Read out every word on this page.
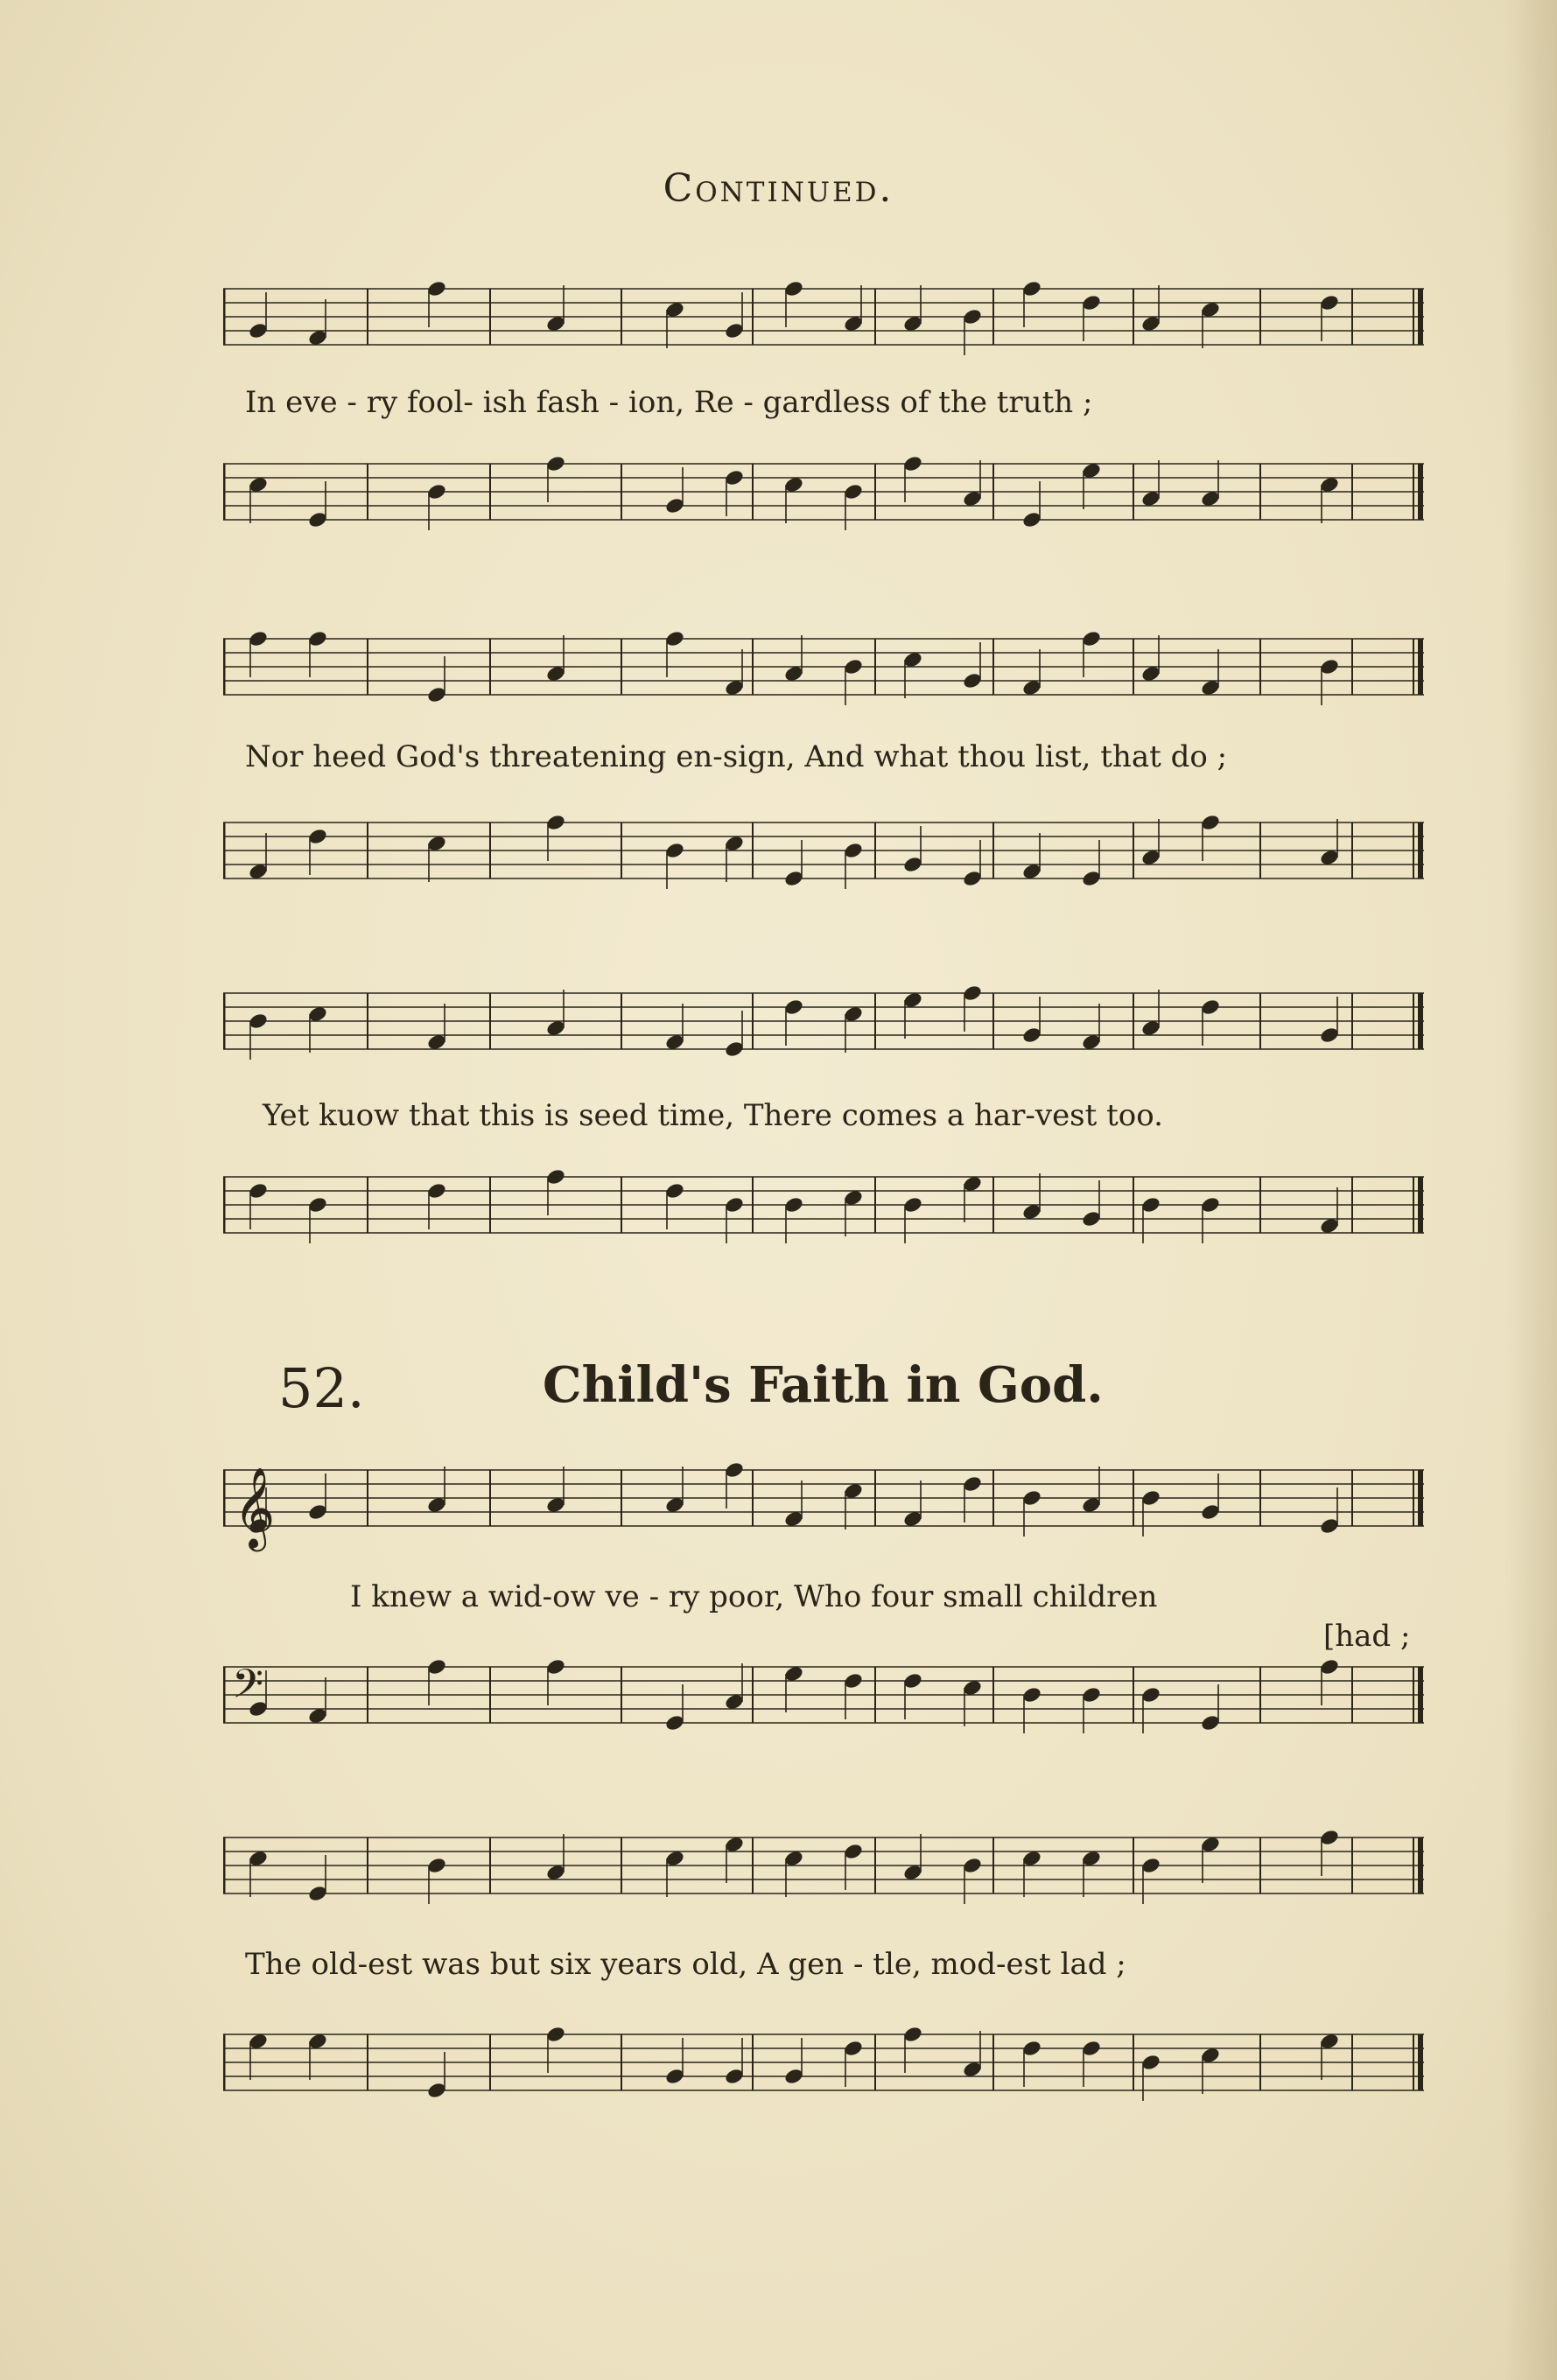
Continued.
In eve - ry fool- ish fash - ion, Re - gardless of the truth ;
Nor heed God's threatening en-sign, And what thou list, that do ;
Yet kuow that this is seed time, There comes a har-vest too.
52.	Child's Faith in God.
𝄞
I knew a wid-ow ve - ry poor, Who four small children
[had ;
𝄢
The old-est was but six years old, A gen - tle, mod-est lad ;
